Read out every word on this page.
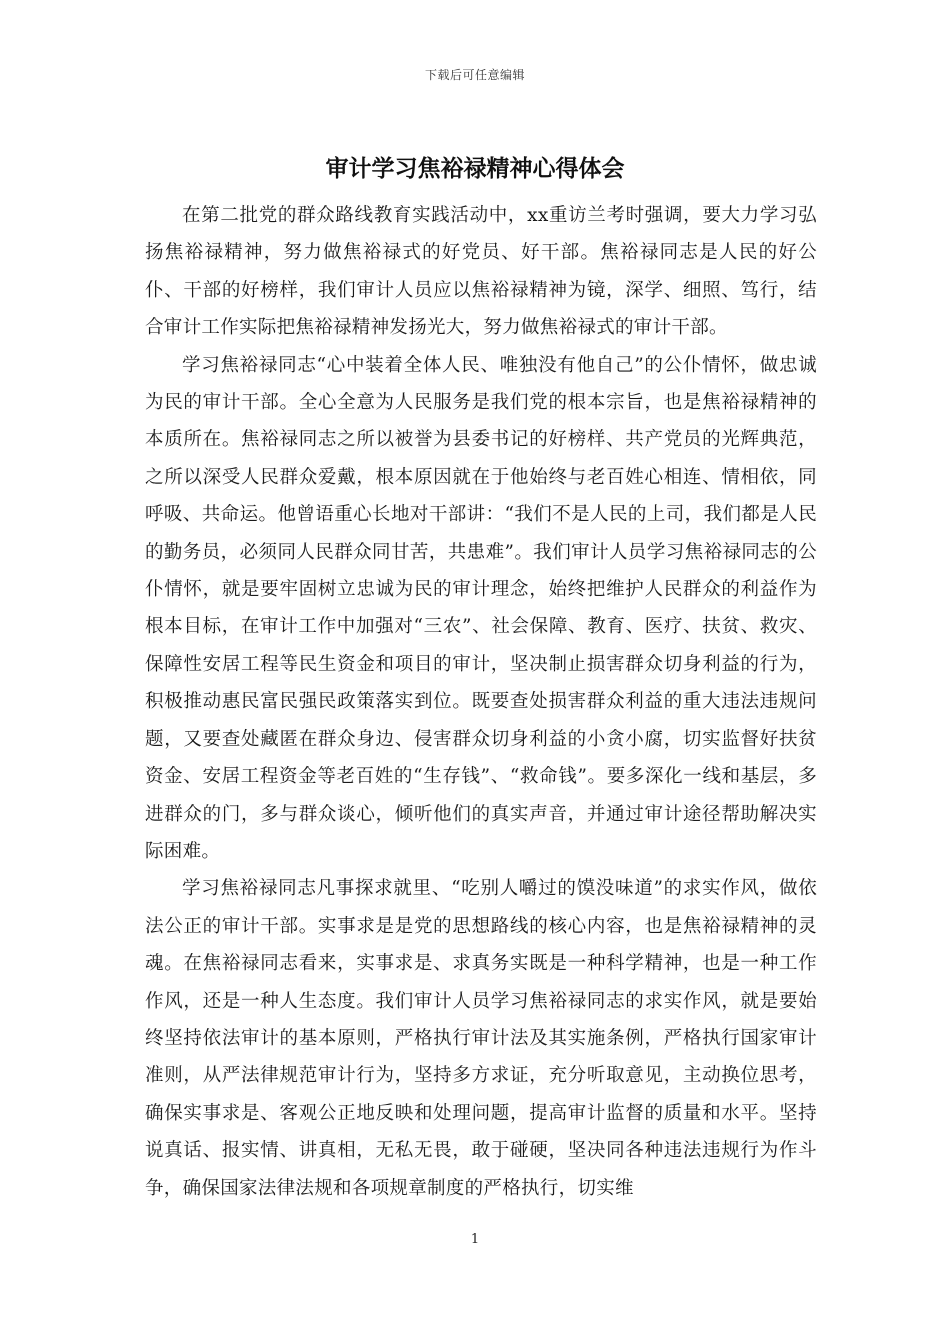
下载后可任意编辑
审计学习焦裕禄精神心得体会

在第二批党的群众路线教育实践活动中，xx重访兰考时强调，要大力学习弘扬焦裕禄精神，努力做焦裕禄式的好党员、好干部。焦裕禄同志是人民的好公仆、干部的好榜样，我们审计人员应以焦裕禄精神为镜，深学、细照、笃行，结合审计工作实际把焦裕禄精神发扬光大，努力做焦裕禄式的审计干部。

学习焦裕禄同志“心中装着全体人民、唯独没有他自己”的公仆情怀，做忠诚为民的审计干部。全心全意为人民服务是我们党的根本宗旨，也是焦裕禄精神的本质所在。焦裕禄同志之所以被誉为县委书记的好榜样、共产党员的光辉典范，之所以深受人民群众爱戴，根本原因就在于他始终与老百姓心相连、情相依，同呼吸、共命运。他曾语重心长地对干部讲：“我们不是人民的上司，我们都是人民的勤务员，必须同人民群众同甘苦，共患难”。我们审计人员学习焦裕禄同志的公仆情怀，就是要牢固树立忠诚为民的审计理念，始终把维护人民群众的利益作为根本目标，在审计工作中加强对“三农”、社会保障、教育、医疗、扶贫、救灾、保障性安居工程等民生资金和项目的审计，坚决制止损害群众切身利益的行为，积极推动惠民富民强民政策落实到位。既要查处损害群众利益的重大违法违规问题，又要查处藏匿在群众身边、侵害群众切身利益的小贪小腐，切实监督好扶贫资金、安居工程资金等老百姓的“生存钱”、“救命钱”。要多深化一线和基层，多进群众的门，多与群众谈心，倾听他们的真实声音，并通过审计途径帮助解决实际困难。

学习焦裕禄同志凡事探求就里、“吃别人嚼过的馍没味道”的求实作风，做依法公正的审计干部。实事求是是党的思想路线的核心内容，也是焦裕禄精神的灵魂。在焦裕禄同志看来，实事求是、求真务实既是一种科学精神，也是一种工作作风，还是一种人生态度。我们审计人员学习焦裕禄同志的求实作风，就是要始终坚持依法审计的基本原则，严格执行审计法及其实施条例，严格执行国家审计准则，从严法律规范审计行为，坚持多方求证，充分听取意见，主动换位思考，确保实事求是、客观公正地反映和处理问题，提高审计监督的质量和水平。坚持说真话、报实情、讲真相，无私无畏，敢于碰硬，坚决同各种违法违规行为作斗争，确保国家法律法规和各项规章制度的严格执行，切实维

1
